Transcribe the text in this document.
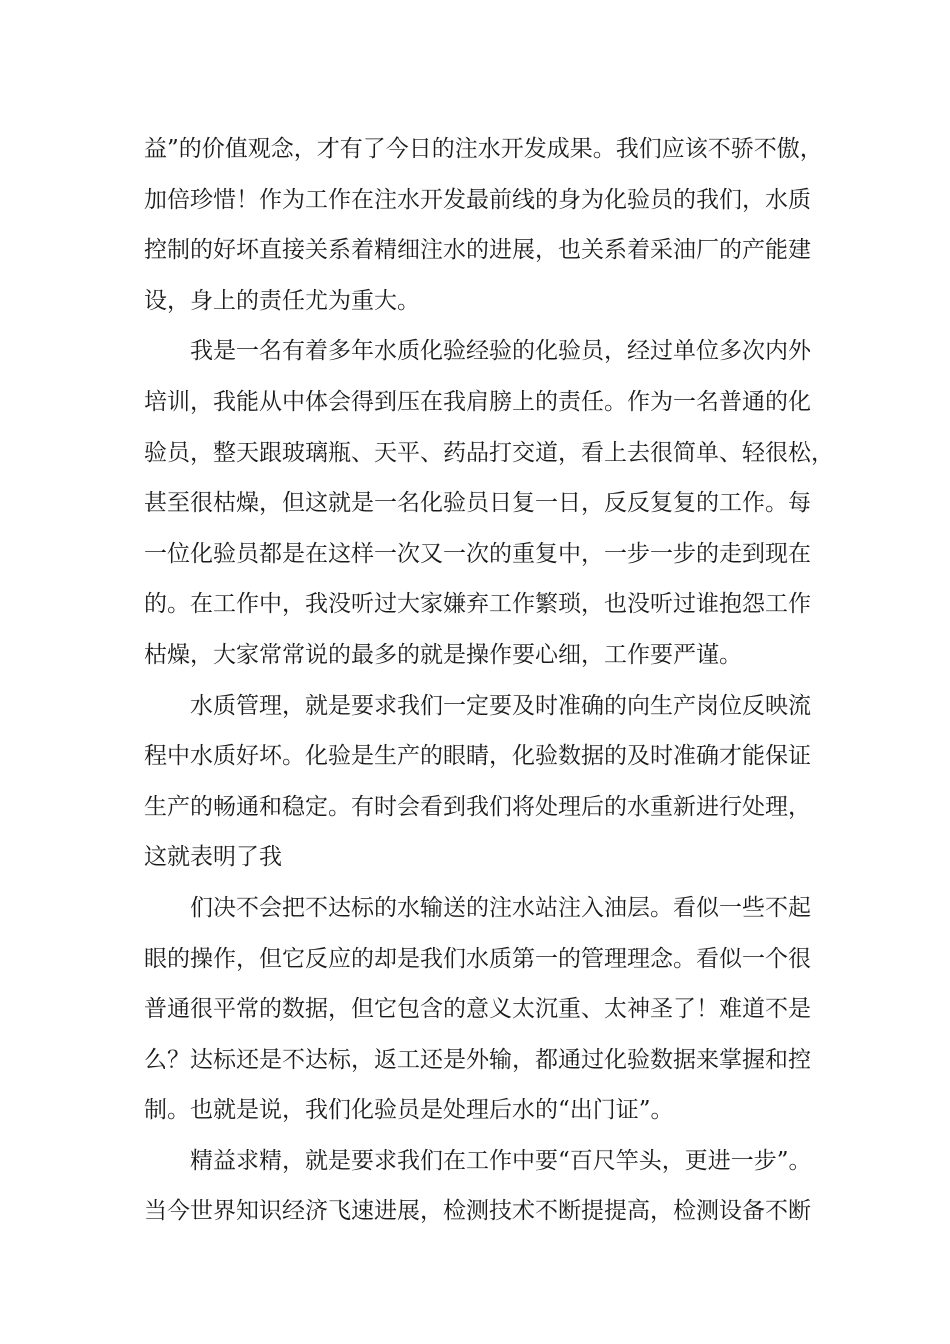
益”的价值观念，才有了今日的注水开发成果。我们应该不骄不傲，
加倍珍惜！作为工作在注水开发最前线的身为化验员的我们，水质
控制的好坏直接关系着精细注水的进展，也关系着采油厂的产能建
设，身上的责任尤为重大。
我是一名有着多年水质化验经验的化验员，经过单位多次内外
培训，我能从中体会得到压在我肩膀上的责任。作为一名普通的化
验员，整天跟玻璃瓶、天平、药品打交道，看上去很简单、轻很松，
甚至很枯燥，但这就是一名化验员日复一日，反反复复的工作。每
一位化验员都是在这样一次又一次的重复中，一步一步的走到现在
的。在工作中，我没听过大家嫌弃工作繁琐，也没听过谁抱怨工作
枯燥，大家常常说的最多的就是操作要心细，工作要严谨。
水质管理，就是要求我们一定要及时准确的向生产岗位反映流
程中水质好坏。化验是生产的眼睛，化验数据的及时准确才能保证
生产的畅通和稳定。有时会看到我们将处理后的水重新进行处理，
这就表明了我
们决不会把不达标的水输送的注水站注入油层。看似一些不起
眼的操作，但它反应的却是我们水质第一的管理理念。看似一个很
普通很平常的数据，但它包含的意义太沉重、太神圣了！难道不是
么？达标还是不达标，返工还是外输，都通过化验数据来掌握和控
制。也就是说，我们化验员是处理后水的“出门证”。
精益求精，就是要求我们在工作中要“百尺竿头，更进一步”。
当今世界知识经济飞速进展，检测技术不断提提高，检测设备不断
